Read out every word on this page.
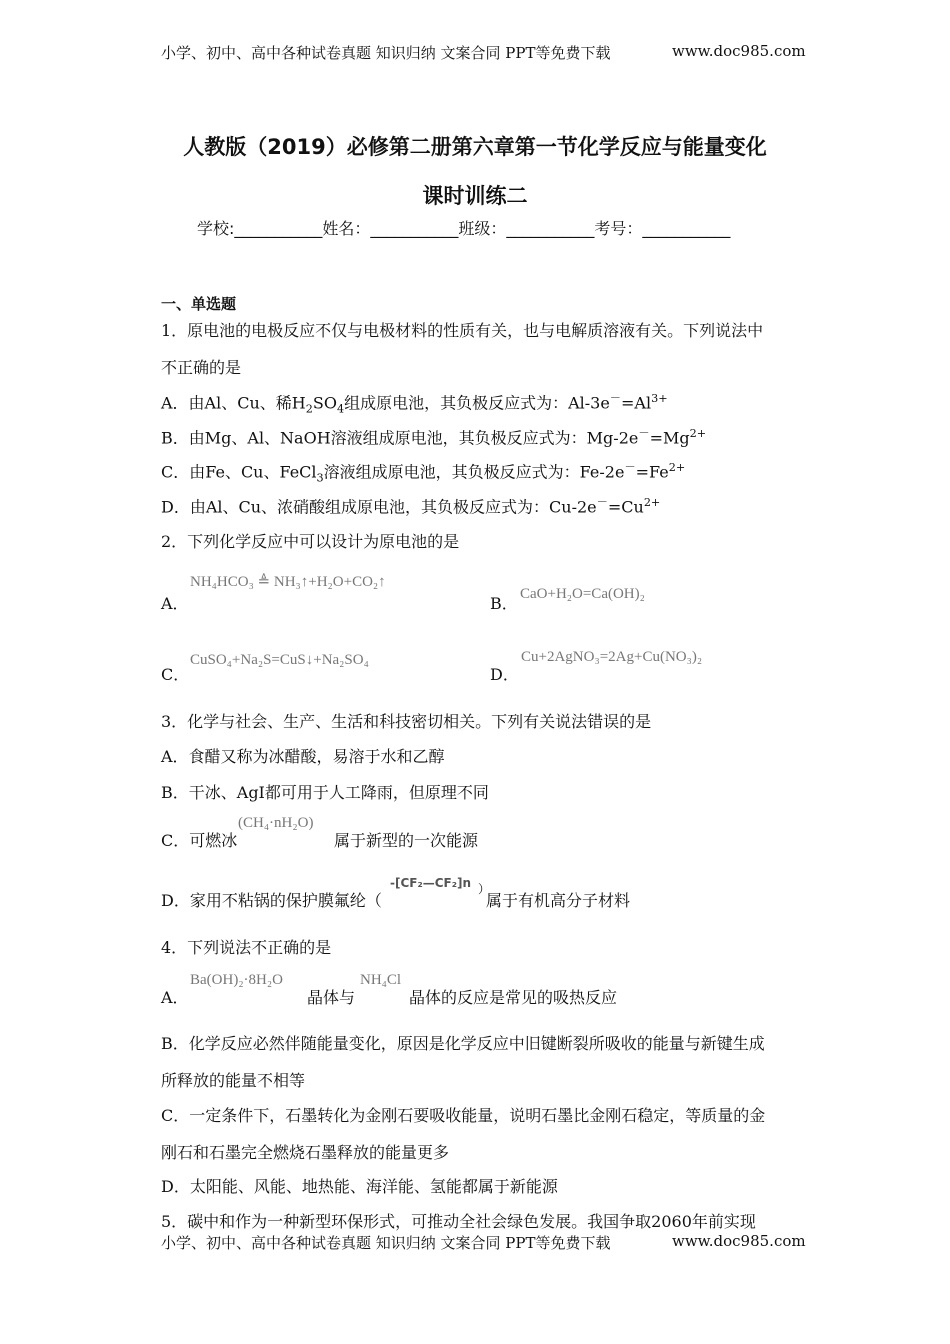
小学、初中、高中各种试卷真题 知识归纳 文案合同 PPT等免费下载	www.doc985.com
人教版（2019）必修第二册第六章第一节化学反应与能量变化
课时训练二
学校:___________姓名：___________班级：___________考号：___________
一、单选题
1．原电池的电极反应不仅与电极材料的性质有关，也与电解质溶液有关。下列说法中
不正确的是
A．由Al、Cu、稀$H_2SO_4$组成原电池，其负极反应式为：$Al-3e^-=Al^{3+}$
B．由Mg、Al、NaOH溶液组成原电池，其负极反应式为：$Mg-2e^-=Mg^{2+}$
C．由Fe、Cu、FeCl$_3$溶液组成原电池，其负极反应式为：$Fe-2e^-=Fe^{2+}$
D．由Al、Cu、浓硝酸组成原电池，其负极反应式为：$Cu-2e^-=Cu^{2+}$
2．下列化学反应中可以设计为原电池的是
A．
NH₄HCO₃ ≜ NH₃↑+H₂O+CO₂↑
B． CaO+H₂O=Ca(OH)₂
C．
CuSO₄+Na₂S=CuS↓+Na₂SO₄
D．
Cu+2AgNO₃=2Ag+Cu(NO₃)₂
3．化学与社会、生产、生活和科技密切相关。下列有关说法错误的是
A．食醋又称为冰醋酸，易溶于水和乙醇
B．干冰、AgI都可用于人工降雨，但原理不同
C．可燃冰
(CH₄·nH₂O)
属于新型的一次能源
D．家用不粘锅的保护膜氟纶（
-[CF₂—CF₂]n ）
属于有机高分子材料
4．下列说法不正确的是
A．
Ba(OH)₂·8H₂O
晶体与
NH₄Cl
晶体的反应是常见的吸热反应
B．化学反应必然伴随能量变化，原因是化学反应中旧键断裂所吸收的能量与新键生成
所释放的能量不相等
C．一定条件下，石墨转化为金刚石要吸收能量，说明石墨比金刚石稳定，等质量的金
刚石和石墨完全燃烧石墨释放的能量更多
D．太阳能、风能、地热能、海洋能、氢能都属于新能源
5．碳中和作为一种新型环保形式，可推动全社会绿色发展。我国争取2060年前实现
小学、初中、高中各种试卷真题 知识归纳 文案合同 PPT等免费下载	www.doc985.com
